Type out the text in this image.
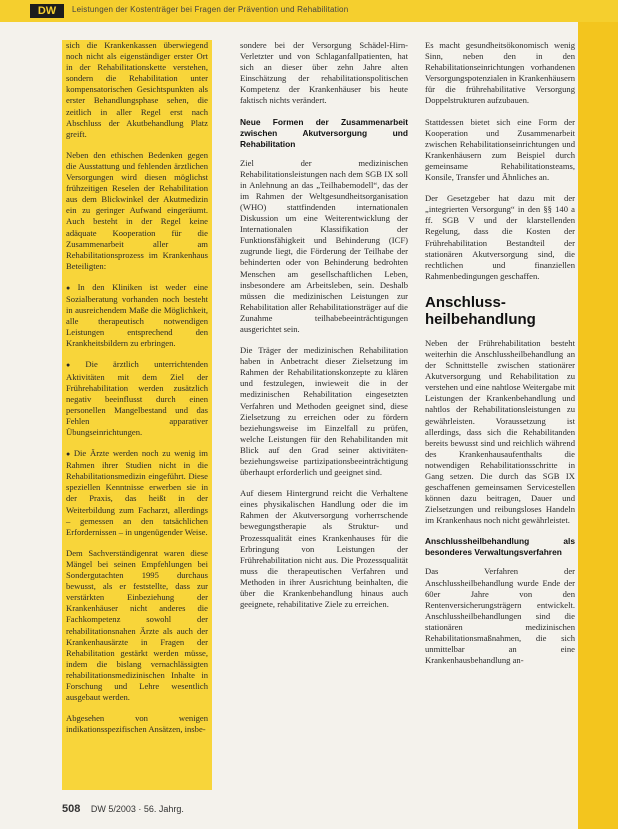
DW	Leistungen der Kostenträger bei Fragen der Prävention und Rehabilitation

sich die Krankenkassen überwiegend noch nicht als eigenständiger erster Ort in der Rehabilitationskette verstehen, sondern die Rehabilitation unter kompensatorischen Gesichtspunkten als erster Behandlungsphase sehen, die zeitlich in aller Regel erst nach Abschluss der Akutbehandlung Platz greift.

Neben den ethischen Bedenken gegen die Ausstattung und fehlenden ärztlichen Versorgungen wird diesen möglichst frühzeitigen Reselen der Rehabilitation aus dem Blickwinkel der Akutmedizin ein zu geringer Aufwand eingeräumt. Auch besteht in der Regel keine adäquate Kooperation für die Zusammenarbeit aller am Rehabilitationsprozess im Krankenhaus Beteiligten:

● In den Kliniken ist weder eine Sozialberatung vorhanden noch besteht in ausreichendem Maße die Möglichkeit, alle therapeutisch notwendigen Leistungen entsprechend den Krankheitsbildern zu erbringen.

● Die ärztlich unterrichtenden Aktivitäten mit dem Ziel der Frührehabilitation werden zusätzlich negativ beeinflusst durch einen personellen Mangelbestand und das Fehlen apparativer Übungseinrichtungen.

● Die Ärzte werden noch zu wenig im Rahmen ihrer Studien nicht in die Rehabilitationsmedizin eingeführt. Diese speziellen Kenntnisse erwerben sie in der Praxis, das heißt in der Weiterbildung zum Facharzt, allerdings – gemessen an den tatsächlichen Erfordernissen – in ungenügender Weise.

Dem Sachverständigenrat waren diese Mängel bei seinen Empfehlungen bei Sondergutachten 1995 durchaus bewusst, als er feststellte, dass zur verstärkten Einbeziehung der Krankenhäuser nicht anderes die Fachkompetenz sowohl der rehabilitationsnahen Ärzte als auch der Krankenhausärzte in Fragen der Rehabilitation gestärkt werden müsse, indem die bislang vernachlässigten rehabilitationsmedizinischen Inhalte in Forschung und Lehre wesentlich ausgebaut werden.

Abgesehen von wenigen indikationsspezifischen Ansätzen, insbe-

sondere bei der Versorgung Schädel-Hirn-Verletzter und von Schlaganfallpatienten, hat sich an dieser über zehn Jahre alten Einschätzung der rehabilitationspolitischen Kompetenz der Krankenhäuser bis heute faktisch nichts verändert.

Neue Formen der Zusammenarbeit zwischen Akutversorgung und Rehabilitation

Ziel der medizinischen Rehabilitationsleistungen nach dem SGB IX soll in Anlehnung an das „Teilhabemodell“, das der im Rahmen der Weltgesundheitsorganisation (WHO) stattfindenden internationalen Diskussion um eine Weiterentwicklung der Internationalen Klassifikation der Funktionsfähigkeit und Behinderung (ICF) zugrunde liegt, die Förderung der Teilhabe der behinderten oder von Behinderung bedrohten Menschen am gesellschaftlichen Leben, insbesondere am Arbeitsleben, sein. Deshalb müssen die medizinischen Leistungen zur Rehabilitation aller Rehabilitationsträger auf die Zunahme teilhabebeeinträchtigungen ausgerichtet sein.

Die Träger der medizinischen Rehabilitation haben in Anbetracht dieser Zielsetzung im Rahmen der Rehabilitationskonzepte zu klären und festzulegen, inwieweit die in der medizinischen Rehabilitation eingesetzten Verfahren und Methoden geeignet sind, diese Zielsetzung zu erreichen oder zu fördern beziehungsweise im Einzelfall zu prüfen, welche Leistungen für den Rehabilitanden mit Blick auf den Grad seiner aktivitäten- beziehungsweise partizipationsbeeinträchtigung überhaupt erforderlich und geeignet sind.

Auf diesem Hintergrund reicht die Verhaltene eines physikalischen Handlung oder die im Rahmen der Akutversorgung vorherrschende bewegungstherapie als Struktur- und Prozessqualität eines Krankenhauses für die Erbringung von Leistungen der Frührehabilitation nicht aus. Die Prozessqualität muss die therapeutischen Verfahren und Methoden in ihrer Ausrichtung beinhalten, die über die Krankenbehandlung hinaus auch geeignete, rehabilitative Ziele zu erreichen.

Es macht gesundheitsökonomisch wenig Sinn, neben den in den Rehabilitationseinrichtungen vorhandenen Versorgungspotenzialen in Krankenhäusern für die frührehabilitative Versorgung Doppelstrukturen aufzubauen.

Stattdessen bietet sich eine Form der Kooperation und Zusammenarbeit zwischen Rehabilitationseinrichtungen und Krankenhäusern zum Beispiel durch gemeinsame Rehabilitationsteams, Konsile, Transfer und Ähnliches an.

Der Gesetzgeber hat dazu mit der „integrierten Versorgung“ in den §§ 140 a ff. SGB V und der klarstellenden Regelung, dass die Kosten der Frührehabilitation Bestandteil der stationären Akutversorgung sind, die rechtlichen und finanziellen Rahmenbedingungen geschaffen.

Anschluss-heilbehandlung

Neben der Frührehabilitation besteht weiterhin die Anschlussheilbehandlung an der Schnittstelle zwischen stationärer Akutversorgung und Rehabilitation zu verstehen und eine nahtlose Weitergabe mit Leistungen der Krankenbehandlung und nahtlos der Rehabilitationsleistungen zu gewährleisten. Voraussetzung ist allerdings, dass sich die Rehabilitanden bereits bewusst sind und reichlich während des Krankenhausaufenthalts die notwendigen Rehabilitationsschritte in Gang setzen. Die durch das SGB IX geschaffenen gemeinsamen Servicestellen können dazu beitragen, Dauer und Zielsetzungen und reibungsloses Handeln im Krankenhaus noch nicht gewährleistet.

Anschlussheilbehandlung als besonderes Verwaltungsverfahren

Das Verfahren der Anschlussheilbehandlung wurde Ende der 60er Jahre von den Rentenversicherungsträgern entwickelt. Anschlussheilbehandlungen sind die stationären medizinischen Rehabilitationsmaßnahmen, die sich unmittelbar an eine Krankenhausbehandlung an-

508 DW 5/2003 · 56. Jahrg.
